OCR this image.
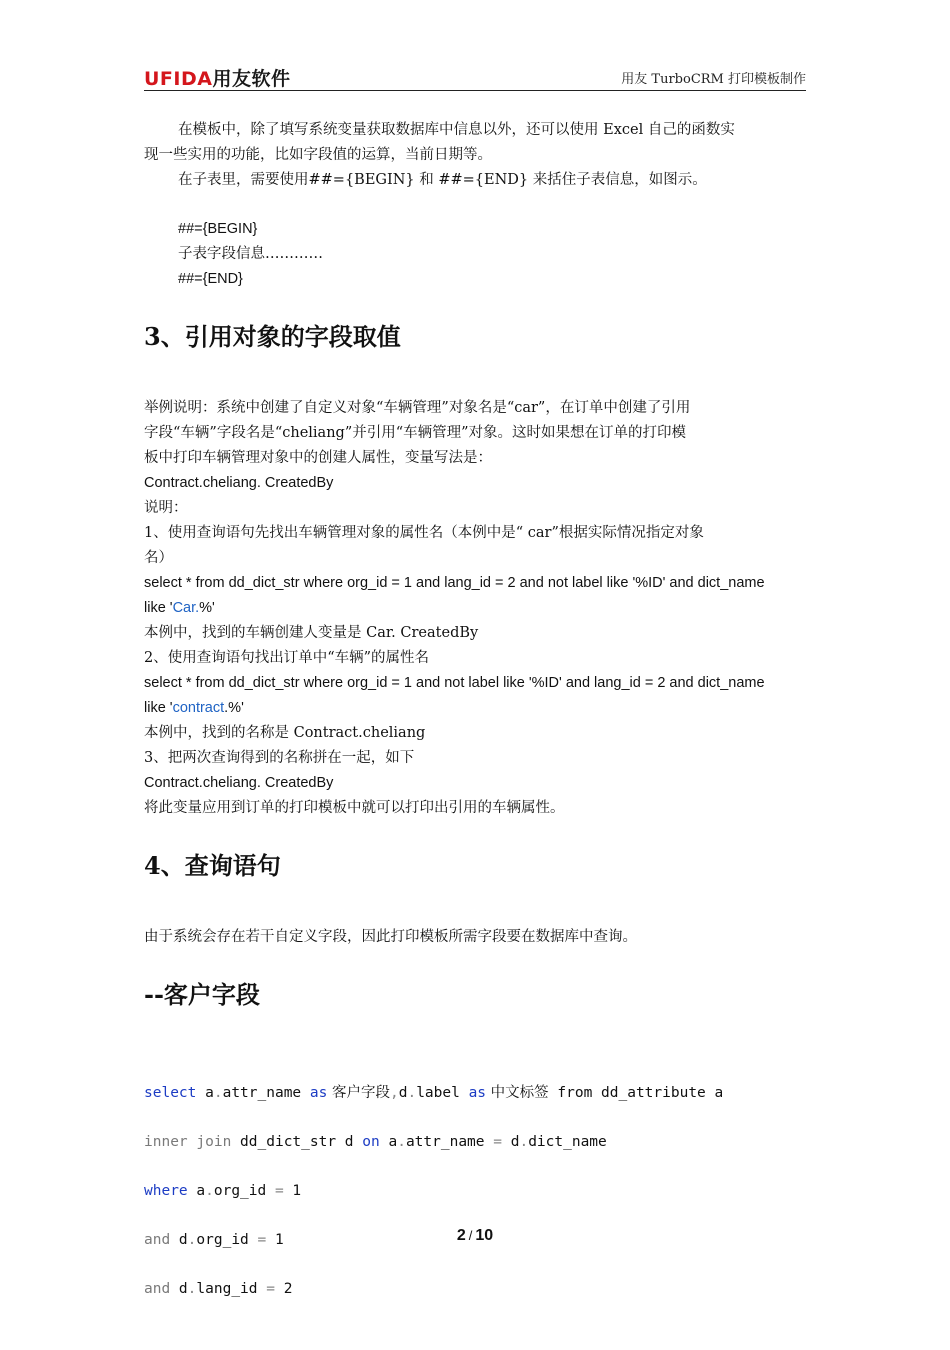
UFIDA用友软件	用友 TurboCRM 打印模板制作

在模板中，除了填写系统变量获取数据库中信息以外，还可以使用 Excel 自己的函数实

现一些实用的功能，比如字段值的运算，当前日期等。

在子表里，需要使用##={BEGIN} 和 ##={END} 来括住子表信息，如图示。

##={BEGIN}

子表字段信息…………

##={END}

3、引用对象的字段取值

举例说明：系统中创建了自定义对象“车辆管理”对象名是“car”，在订单中创建了引用

字段“车辆”字段名是“cheliang”并引用“车辆管理”对象。这时如果想在订单的打印模

板中打印车辆管理对象中的创建人属性，变量写法是：

Contract.cheliang. CreatedBy

说明：

1、使用查询语句先找出车辆管理对象的属性名（本例中是“ car”根据实际情况指定对象

名）

select * from dd_dict_str where org_id = 1 and lang_id = 2 and not label like '%ID' and dict_name

like 'Car.%'

本例中，找到的车辆创建人变量是 Car. CreatedBy

2、使用查询语句找出订单中“车辆”的属性名

select * from dd_dict_str where org_id = 1 and not label like '%ID' and lang_id = 2 and dict_name

like 'contract.%'

本例中，找到的名称是 Contract.cheliang

3、把两次查询得到的名称拼在一起，如下

Contract.cheliang. CreatedBy

将此变量应用到订单的打印模板中就可以打印出引用的车辆属性。

4、查询语句

由于系统会存在若干自定义字段，因此打印模板所需字段要在数据库中查询。

--客户字段

select a.attr_name as 客户字段,d.label as 中文标签 from dd_attribute a

inner join dd_dict_str d on a.attr_name = d.dict_name

where a.org_id = 1

and d.org_id = 1

and d.lang_id = 2

2 / 10
